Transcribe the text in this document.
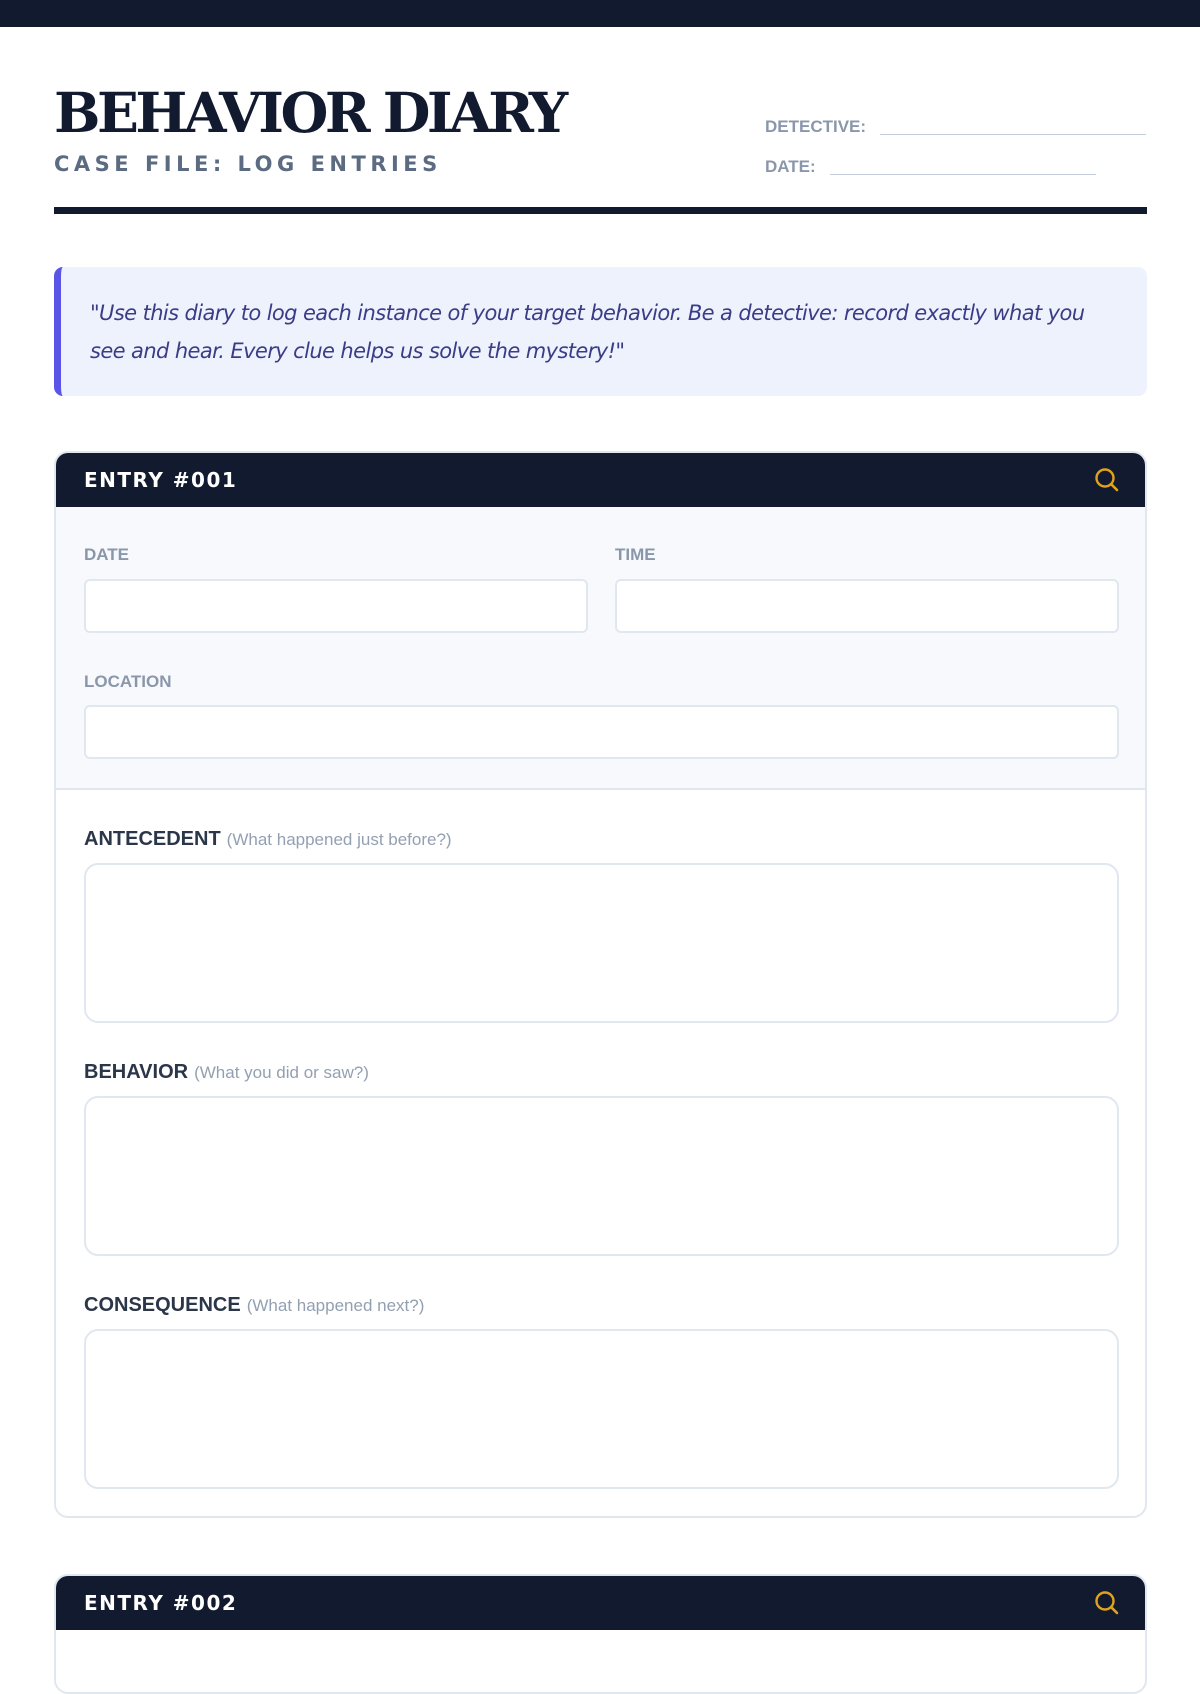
BEHAVIOR DIARY
CASE FILE: LOG ENTRIES
DETECTIVE:
DATE:

"Use this diary to log each instance of your target behavior. Be a detective: record exactly what you see and hear. Every clue helps us solve the mystery!"

ENTRY #001
DATE	TIME
LOCATION
ANTECEDENT (What happened just before?)
BEHAVIOR (What you did or saw?)
CONSEQUENCE (What happened next?)
ENTRY #002
